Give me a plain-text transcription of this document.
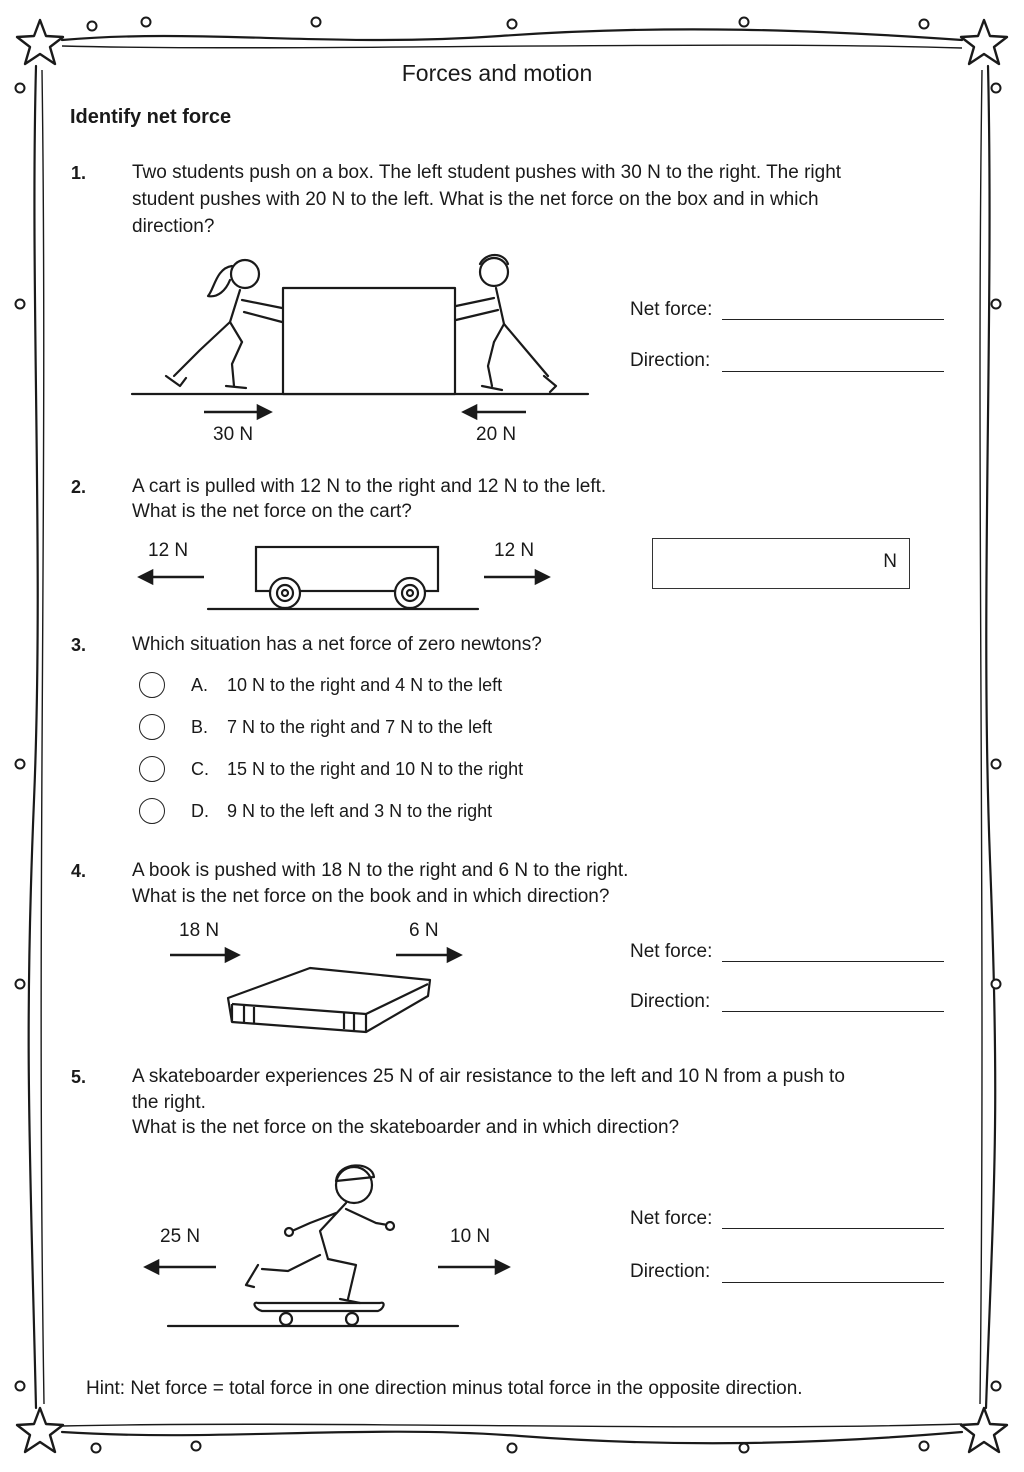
Forces and motion
Identify net force
1. Two students push on a box. The left student pushes with 30 N to the right. The right
student pushes with 20 N to the left. What is the net force on the box and in which
direction?
30 N	20 N
Net force:
Direction:
2. A cart is pulled with 12 N to the right and 12 N to the left.
What is the net force on the cart?
12 N	12 N
N
3. Which situation has a net force of zero newtons?
A. 10 N to the right and 4 N to the left
B. 7 N to the right and 7 N to the left
C. 15 N to the right and 10 N to the right
D. 9 N to the left and 3 N to the right
4. A book is pushed with 18 N to the right and 6 N to the right.
What is the net force on the book and in which direction?
18 N	6 N
Net force:
Direction:
5. A skateboarder experiences 25 N of air resistance to the left and 10 N from a push to
the right.
What is the net force on the skateboarder and in which direction?
25 N	10 N
Net force:
Direction:
Hint: Net force = total force in one direction minus total force in the opposite direction.
